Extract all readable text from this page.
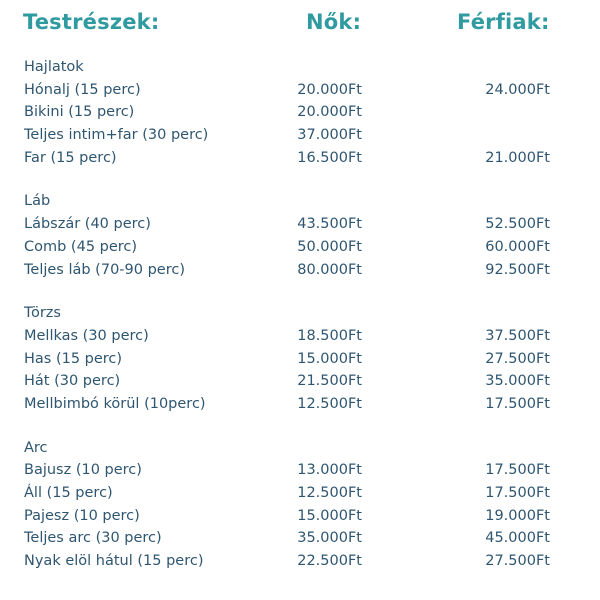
Testrészek:	Nők:	Férfiak:
Hajlatok
Hónalj (15 perc)	20.000Ft	24.000Ft
Bikini (15 perc)	20.000Ft
Teljes intim+far (30 perc)	37.000Ft
Far (15 perc)	16.500Ft	21.000Ft
Láb
Lábszár (40 perc)	43.500Ft	52.500Ft
Comb (45 perc)	50.000Ft	60.000Ft
Teljes láb (70-90 perc)	80.000Ft	92.500Ft
Törzs
Mellkas (30 perc)	18.500Ft	37.500Ft
Has (15 perc)	15.000Ft	27.500Ft
Hát (30 perc)	21.500Ft	35.000Ft
Mellbimbó körül (10perc)	12.500Ft	17.500Ft
Arc
Bajusz (10 perc)	13.000Ft	17.500Ft
Áll (15 perc)	12.500Ft	17.500Ft
Pajesz (10 perc)	15.000Ft	19.000Ft
Teljes arc (30 perc)	35.000Ft	45.000Ft
Nyak elöl hátul (15 perc)	22.500Ft	27.500Ft
